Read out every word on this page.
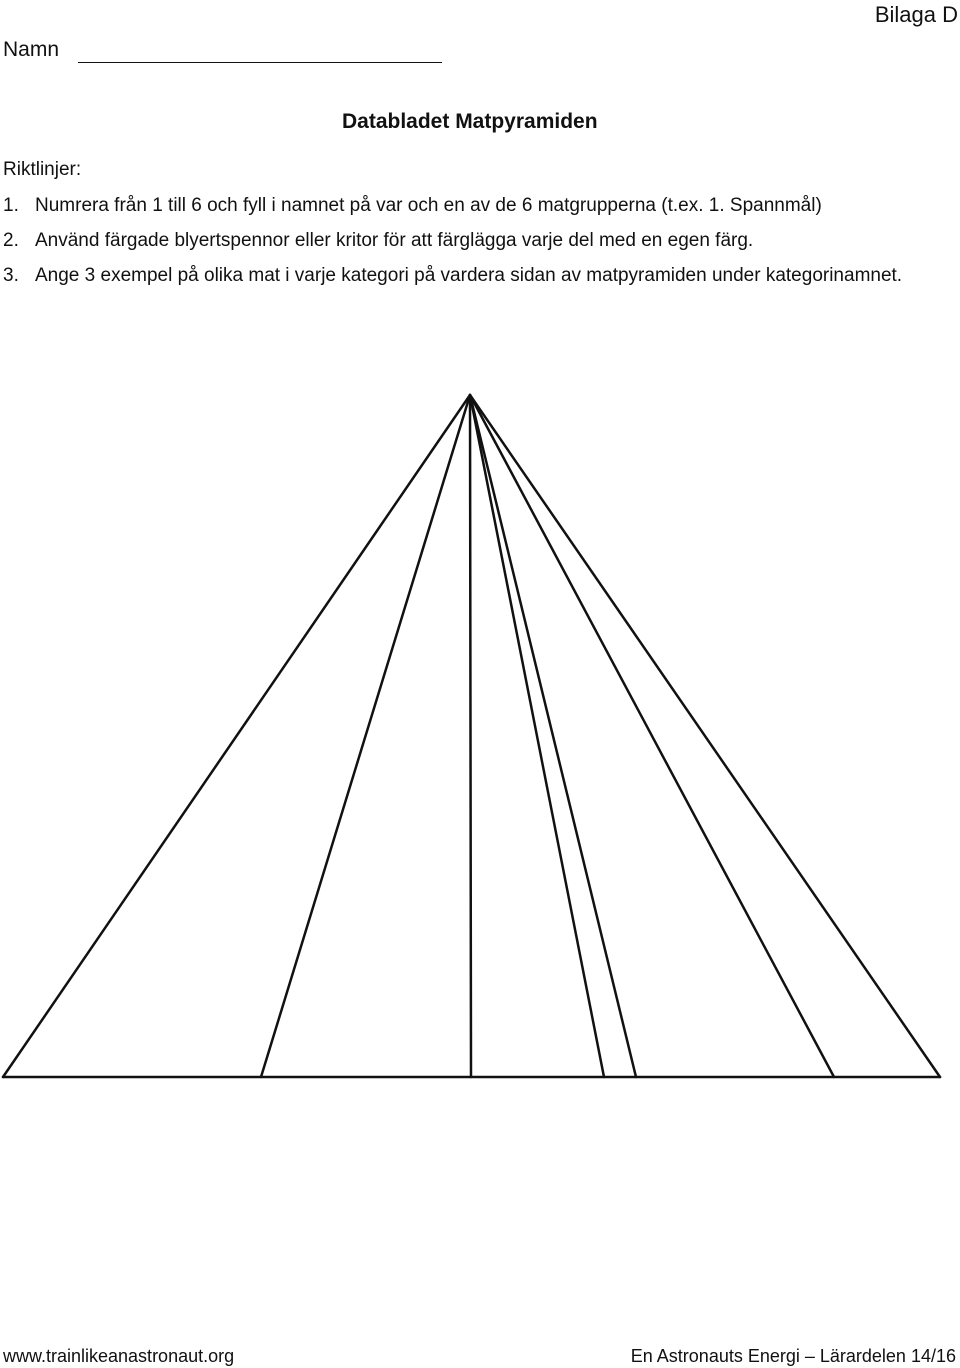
Bilaga D
Namn
Databladet Matpyramiden
Riktlinjer:
1. Numrera från 1 till 6 och fyll i namnet på var och en av de 6 matgrupperna (t.ex. 1. Spannmål)
2. Använd färgade blyertspennor eller kritor för att färglägga varje del med en egen färg.
3. Ange 3 exempel på olika mat i varje kategori på vardera sidan av matpyramiden under kategorinamnet.
www.trainlikeanastronaut.org	En Astronauts Energi – Lärardelen 14/16
